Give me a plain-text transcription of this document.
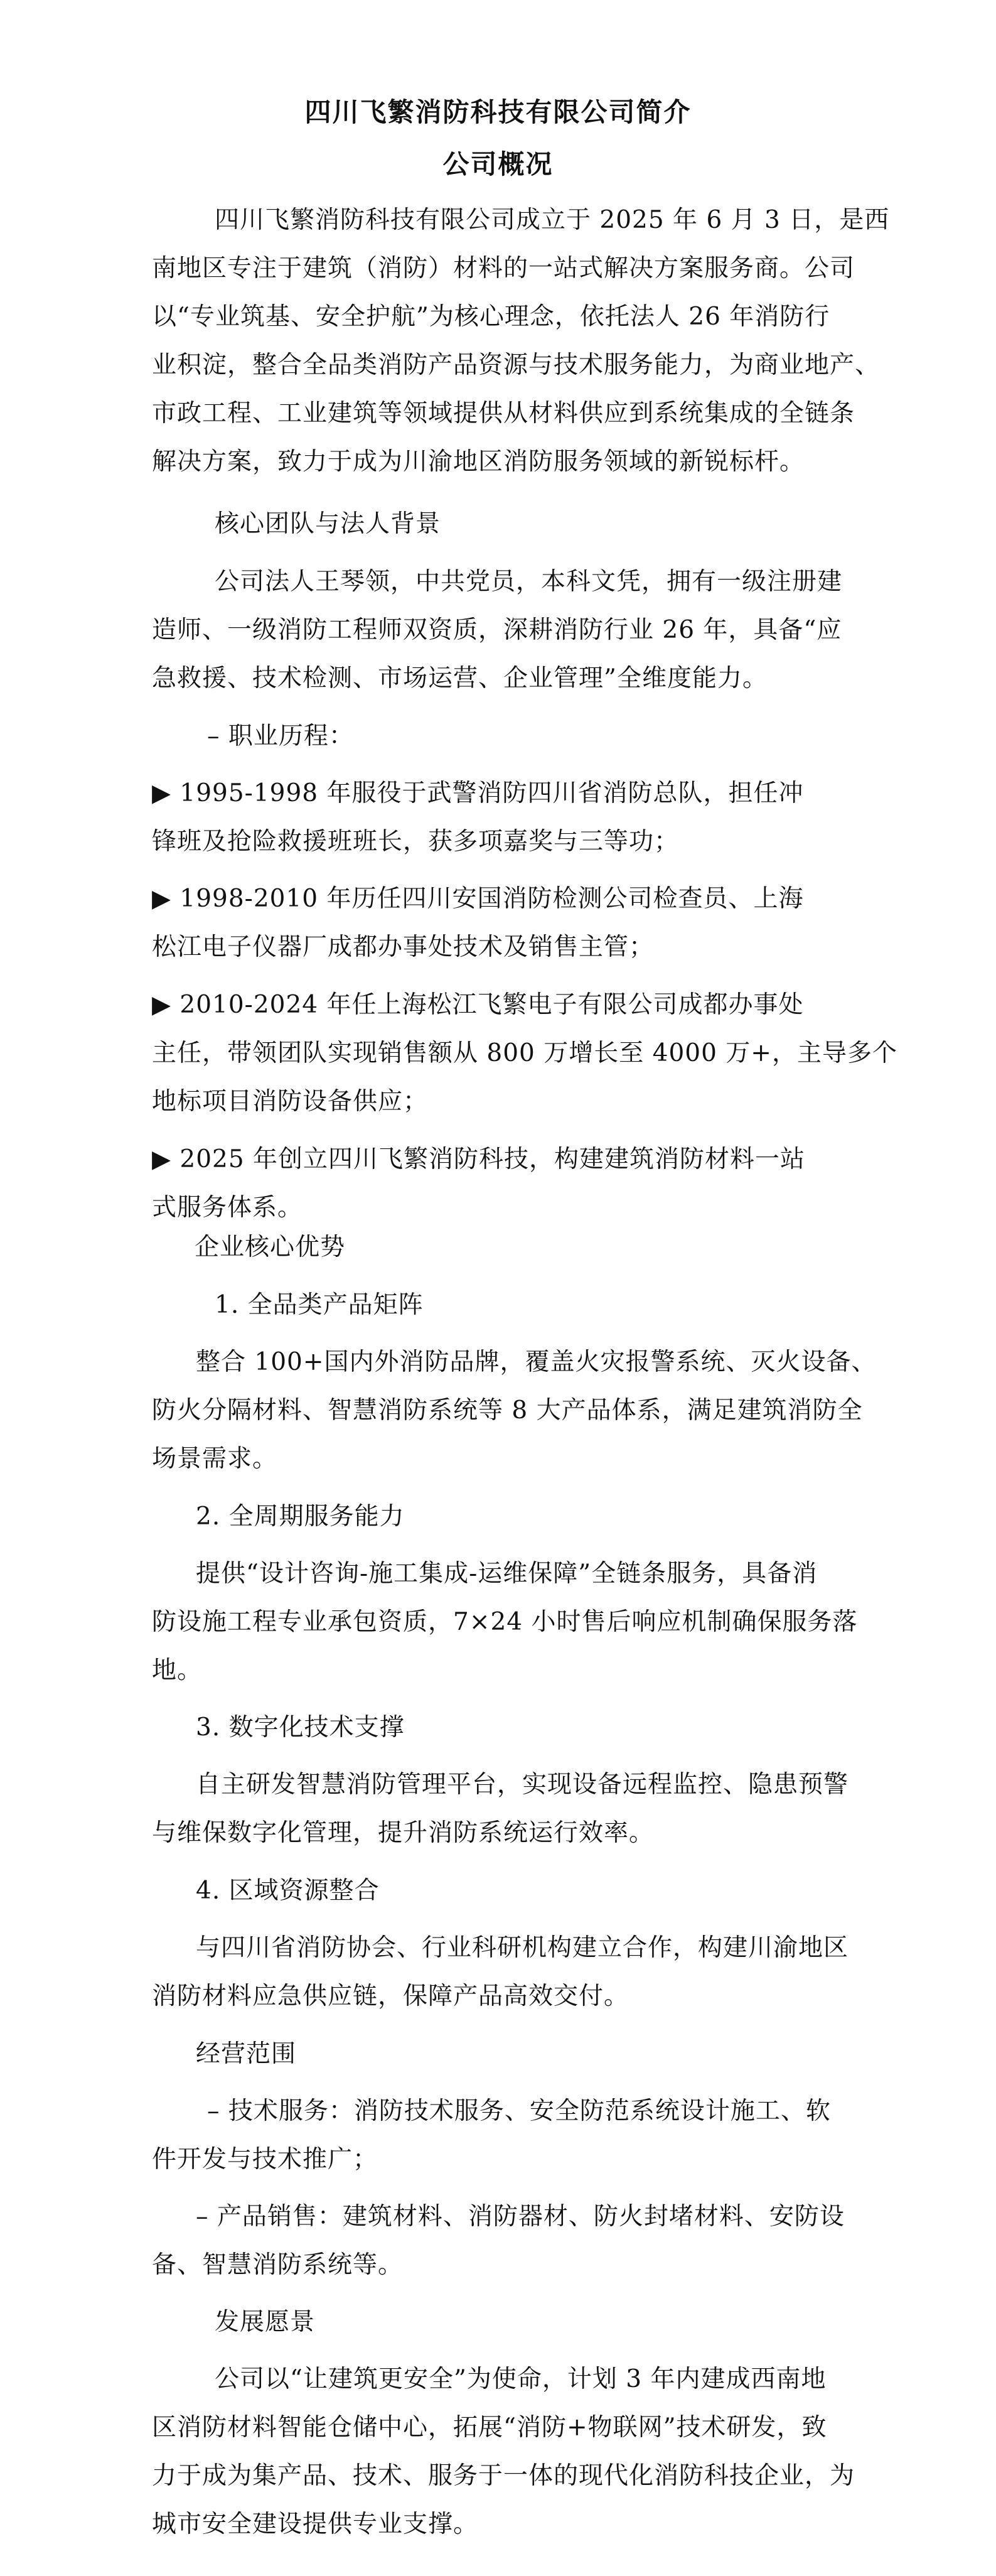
四川飞繁消防科技有限公司简介
公司概况
四川飞繁消防科技有限公司成立于 2025 年 6 月 3 日，是西
南地区专注于建筑（消防）材料的一站式解决方案服务商。公司
以“专业筑基、安全护航”为核心理念，依托法人 26 年消防行
业积淀，整合全品类消防产品资源与技术服务能力，为商业地产、
市政工程、工业建筑等领域提供从材料供应到系统集成的全链条
解决方案，致力于成为川渝地区消防服务领域的新锐标杆。
核心团队与法人背景
公司法人王琴领，中共党员，本科文凭，拥有一级注册建
造师、一级消防工程师双资质，深耕消防行业 26 年，具备“应
急救援、技术检测、市场运营、企业管理”全维度能力。
– 职业历程：
▶ 1995-1998 年服役于武警消防四川省消防总队，担任冲
锋班及抢险救援班班长，获多项嘉奖与三等功；
▶ 1998-2010 年历任四川安国消防检测公司检查员、上海
松江电子仪器厂成都办事处技术及销售主管；
▶ 2010-2024 年任上海松江飞繁电子有限公司成都办事处
主任，带领团队实现销售额从 800 万增长至 4000 万+，主导多个
地标项目消防设备供应；
▶ 2025 年创立四川飞繁消防科技，构建建筑消防材料一站
式服务体系。
企业核心优势
1. 全品类产品矩阵
整合 100+国内外消防品牌，覆盖火灾报警系统、灭火设备、
防火分隔材料、智慧消防系统等 8 大产品体系，满足建筑消防全
场景需求。
2. 全周期服务能力
提供“设计咨询-施工集成-运维保障”全链条服务，具备消
防设施工程专业承包资质，7×24 小时售后响应机制确保服务落
地。
3. 数字化技术支撑
自主研发智慧消防管理平台，实现设备远程监控、隐患预警
与维保数字化管理，提升消防系统运行效率。
4. 区域资源整合
与四川省消防协会、行业科研机构建立合作，构建川渝地区
消防材料应急供应链，保障产品高效交付。
经营范围
– 技术服务：消防技术服务、安全防范系统设计施工、软
件开发与技术推广；
– 产品销售：建筑材料、消防器材、防火封堵材料、安防设
备、智慧消防系统等。
发展愿景
公司以“让建筑更安全”为使命，计划 3 年内建成西南地
区消防材料智能仓储中心，拓展“消防+物联网”技术研发，致
力于成为集产品、技术、服务于一体的现代化消防科技企业，为
城市安全建设提供专业支撑。
